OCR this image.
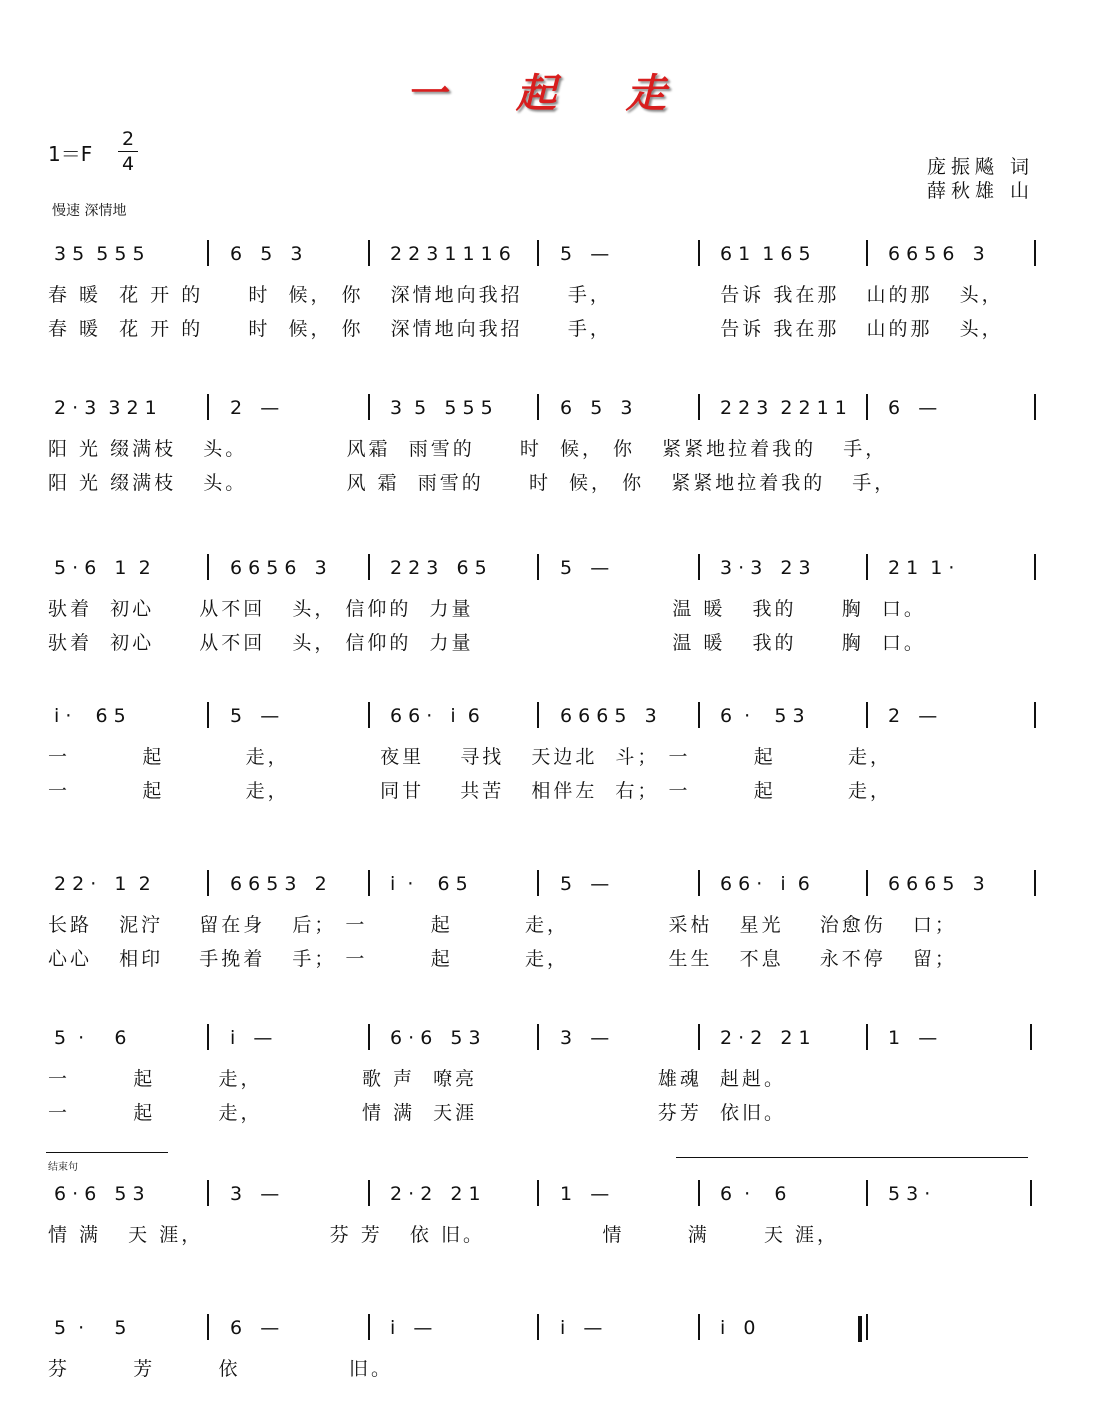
一 起 走
1＝F
2
4	庞振飚 词
薛秋雄 山
慢速 深情地
3 5  5 5 5	6   5   3	2 2 3 1 1 1 6	5   —	6 1  1 6 5	6 6 5 6   3
春 暖  花 开 的     时  候， 你   深情地向我招     手，            告诉 我在那   山的那   头，
春 暖  花 开 的     时  候， 你   深情地向我招     手，            告诉 我在那   山的那   头，
2 · 3  3 2 1	2   —	3  5   5 5 5	6   5   3	2 2 3  2 2 1 1 6   —
阳 光 缀满枝   头。           风霜  雨雪的     时  候， 你   紧紧地拉着我的   手，
阳 光 缀满枝   头。           风 霜  雨雪的     时  候， 你   紧紧地拉着我的   手，
5 · 6   1  2	6 6 5 6   3	2 2 3   6 5	5   —	3 · 3   2 3	2 1  1 ·
驮着  初心     从不回   头， 信仰的  力量                      温 暖   我的     胸  口。
驮着  初心     从不回   头， 信仰的  力量                      温 暖   我的     胸  口。
i ·    6 5	5   —	6 6 ·   i  6	6 6 6 5   3	6  ·    5 3	2   —
一        起         走，          夜里    寻找   天边北  斗； 一       起        走，
一        起         走，          同甘    共苦   相伴左  右； 一       起        走，
2 2 ·   1  2	6 6 5 3   2	i  ·    6 5	5   —	6 6 ·   i  6	6 6 6 5   3
长路   泥泞    留在身   后； 一       起        走，           采枯   星光    治愈伤   口；
心心   相印    手挽着   手； 一       起        走，           生生   不息    永不停   留；
5  ·     6	i   —	6 · 6   5 3	3   —	2 · 2   2 1	1   —
一       起       走，           歌 声  嘹亮                    雄魂  赳赳。
一       起       走，           情 满  天涯                    芬芳  依旧。
6 · 6   5 3	3   —	2 · 2   2 1	1   —	6  ·    6	5 3 ·
情 满   天 涯，              芬 芳   依 旧。             情       满      天 涯，
5  ·     5	6   —	i   —	i   —	i   0
芬       芳       依            旧。
结束句
